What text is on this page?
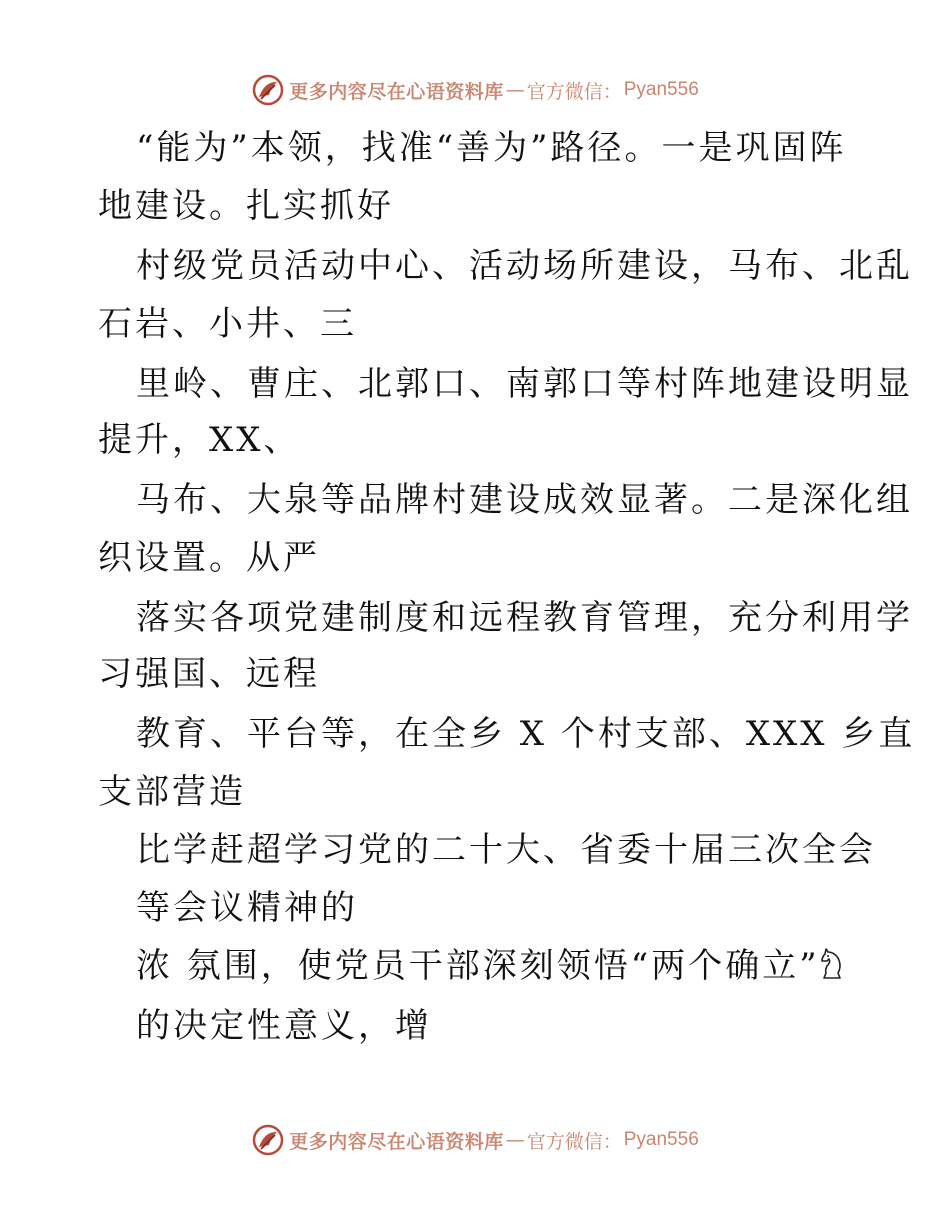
更多内容尽在心语资料库 — 官方微信： Pyan556
“能为”本领，找准“善为”路径。一是巩固阵
地建设。扎实抓好
村级党员活动中心、活动场所建设，马布、北乱
石岩、小井、三
里岭、曹庄、北郭口、南郭口等村阵地建设明显
提升，XX、
马布、大泉等品牌村建设成效显著。二是深化组
织设置。从严
落实各项党建制度和远程教育管理，充分利用学
习强国、远程
教育、平台等，在全乡 X 个村支部、XXX 乡直
支部营造
比学赶超学习党的二十大、省委十届三次全会
等会议精神的
浓 氛围，使党员干部深刻领悟“两个确立”
的决定性意义，增
更多内容尽在心语资料库 — 官方微信： Pyan556
